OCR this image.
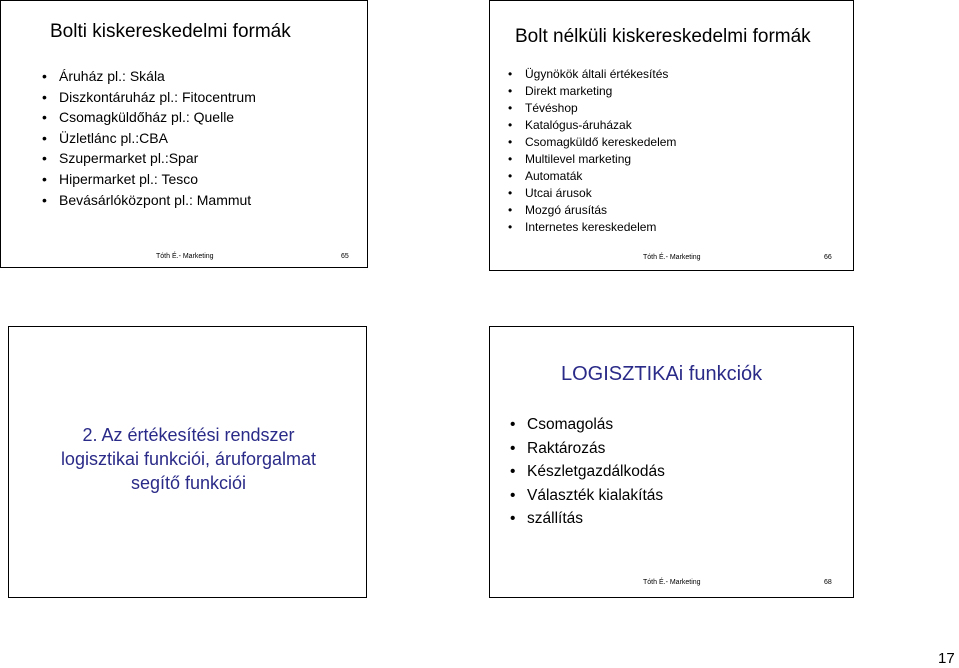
Bolti kiskereskedelmi formák
• Áruház pl.: Skála
• Diszkontáruház pl.: Fitocentrum
• Csomagküldőház pl.: Quelle
• Üzletlánc pl.:CBA
• Szupermarket pl.:Spar
• Hipermarket pl.: Tesco
• Bevásárlóközpont pl.: Mammut
Tóth É.- Marketing	65
Bolt nélküli kiskereskedelmi formák
• Ügynökök általi értékesítés
• Direkt marketing
• Tévéshop
• Katalógus-áruházak
• Csomagküldő kereskedelem
• Multilevel marketing
• Automaták
• Utcai árusok
• Mozgó árusítás
• Internetes kereskedelem
Tóth É.- Marketing	66
2. Az értékesítési rendszer
logisztikai funkciói, áruforgalmat
segítő funkciói
LOGISZTIKAi funkciók
• Csomagolás
• Raktározás
• Készletgazdálkodás
• Választék kialakítás
• szállítás
Tóth É.- Marketing	68
17
